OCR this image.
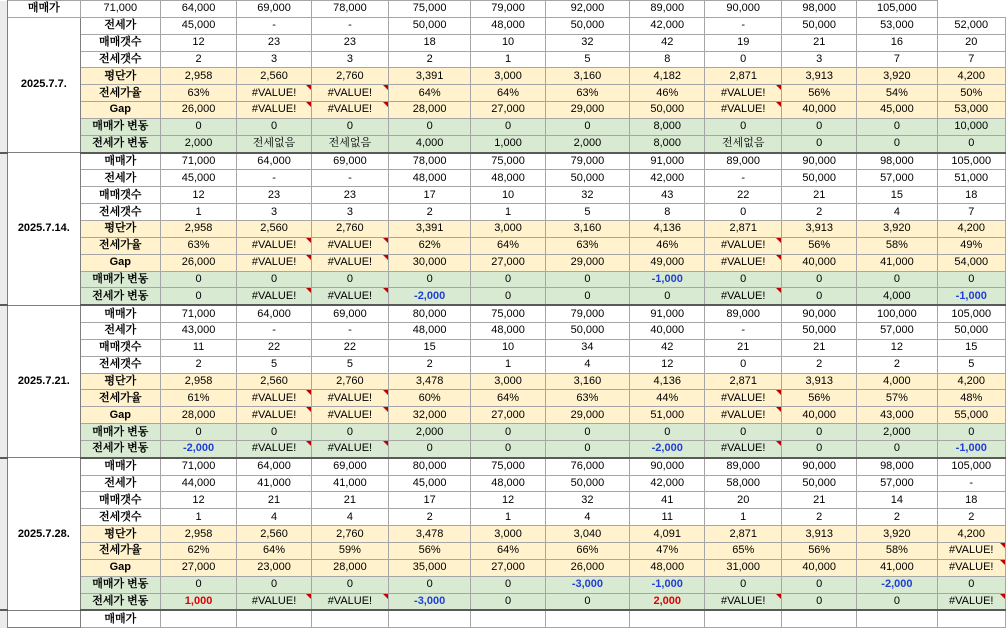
	매매가	71,000	64,000	69,000	78,000	75,000	79,000	92,000	89,000	90,000	98,000	105,000		
	2025.7.7.	전세가	45,000	-	-	50,000	48,000	50,000	42,000	-	50,000	53,000	52,000	
		매매갯수	12	23	23	18	10	32	42	19	21	16	20	
		전세갯수	2	3	3	2	1	5	8	0	3	7	7	
		평단가	2,958	2,560	2,760	3,391	3,000	3,160	4,182	2,871	3,913	3,920	4,200	
		전세가율	63%	#VALUE!	#VALUE!	64%	64%	63%	46%	#VALUE!	56%	54%	50%	
		Gap	26,000	#VALUE!	#VALUE!	28,000	27,000	29,000	50,000	#VALUE!	40,000	45,000	53,000	
		매매가 변동	0	0	0	0	0	0	8,000	0	0	0	10,000	
		전세가 변동	2,000	전세없음	전세없음	4,000	1,000	2,000	8,000	전세없음	0	0	0	
	2025.7.14.	매매가	71,000	64,000	69,000	78,000	75,000	79,000	91,000	89,000	90,000	98,000	105,000	
		전세가	45,000	-	-	48,000	48,000	50,000	42,000	-	50,000	57,000	51,000	
		매매갯수	12	23	23	17	10	32	43	22	21	15	18	
		전세갯수	1	3	3	2	1	5	8	0	2	4	7	
		평단가	2,958	2,560	2,760	3,391	3,000	3,160	4,136	2,871	3,913	3,920	4,200	
		전세가율	63%	#VALUE!	#VALUE!	62%	64%	63%	46%	#VALUE!	56%	58%	49%	
		Gap	26,000	#VALUE!	#VALUE!	30,000	27,000	29,000	49,000	#VALUE!	40,000	41,000	54,000	
		매매가 변동	0	0	0	0	0	0	-1,000	0	0	0	0	
		전세가 변동	0	#VALUE!	#VALUE!	-2,000	0	0	0	#VALUE!	0	4,000	-1,000	
	2025.7.21.	매매가	71,000	64,000	69,000	80,000	75,000	79,000	91,000	89,000	90,000	100,000	105,000	
		전세가	43,000	-	-	48,000	48,000	50,000	40,000	-	50,000	57,000	50,000	
		매매갯수	11	22	22	15	10	34	42	21	21	12	15	
		전세갯수	2	5	5	2	1	4	12	0	2	2	5	
		평단가	2,958	2,560	2,760	3,478	3,000	3,160	4,136	2,871	3,913	4,000	4,200	
		전세가율	61%	#VALUE!	#VALUE!	60%	64%	63%	44%	#VALUE!	56%	57%	48%	
		Gap	28,000	#VALUE!	#VALUE!	32,000	27,000	29,000	51,000	#VALUE!	40,000	43,000	55,000	
		매매가 변동	0	0	0	2,000	0	0	0	0	0	2,000	0	
		전세가 변동	-2,000	#VALUE!	#VALUE!	0	0	0	-2,000	#VALUE!	0	0	-1,000	
	2025.7.28.	매매가	71,000	64,000	69,000	80,000	75,000	76,000	90,000	89,000	90,000	98,000	105,000	
		전세가	44,000	41,000	41,000	45,000	48,000	50,000	42,000	58,000	50,000	57,000	-	
		매매갯수	12	21	21	17	12	32	41	20	21	14	18	
		전세갯수	1	4	4	2	1	4	11	1	2	2	2	
		평단가	2,958	2,560	2,760	3,478	3,000	3,040	4,091	2,871	3,913	3,920	4,200	
		전세가율	62%	64%	59%	56%	64%	66%	47%	65%	56%	58%	#VALUE!	
		Gap	27,000	23,000	28,000	35,000	27,000	26,000	48,000	31,000	40,000	41,000	#VALUE!	
		매매가 변동	0	0	0	0	0	-3,000	-1,000	0	0	-2,000	0	
		전세가 변동	1,000	#VALUE!	#VALUE!	-3,000	0	0	2,000	#VALUE!	0	0	#VALUE!	
		매매가												
